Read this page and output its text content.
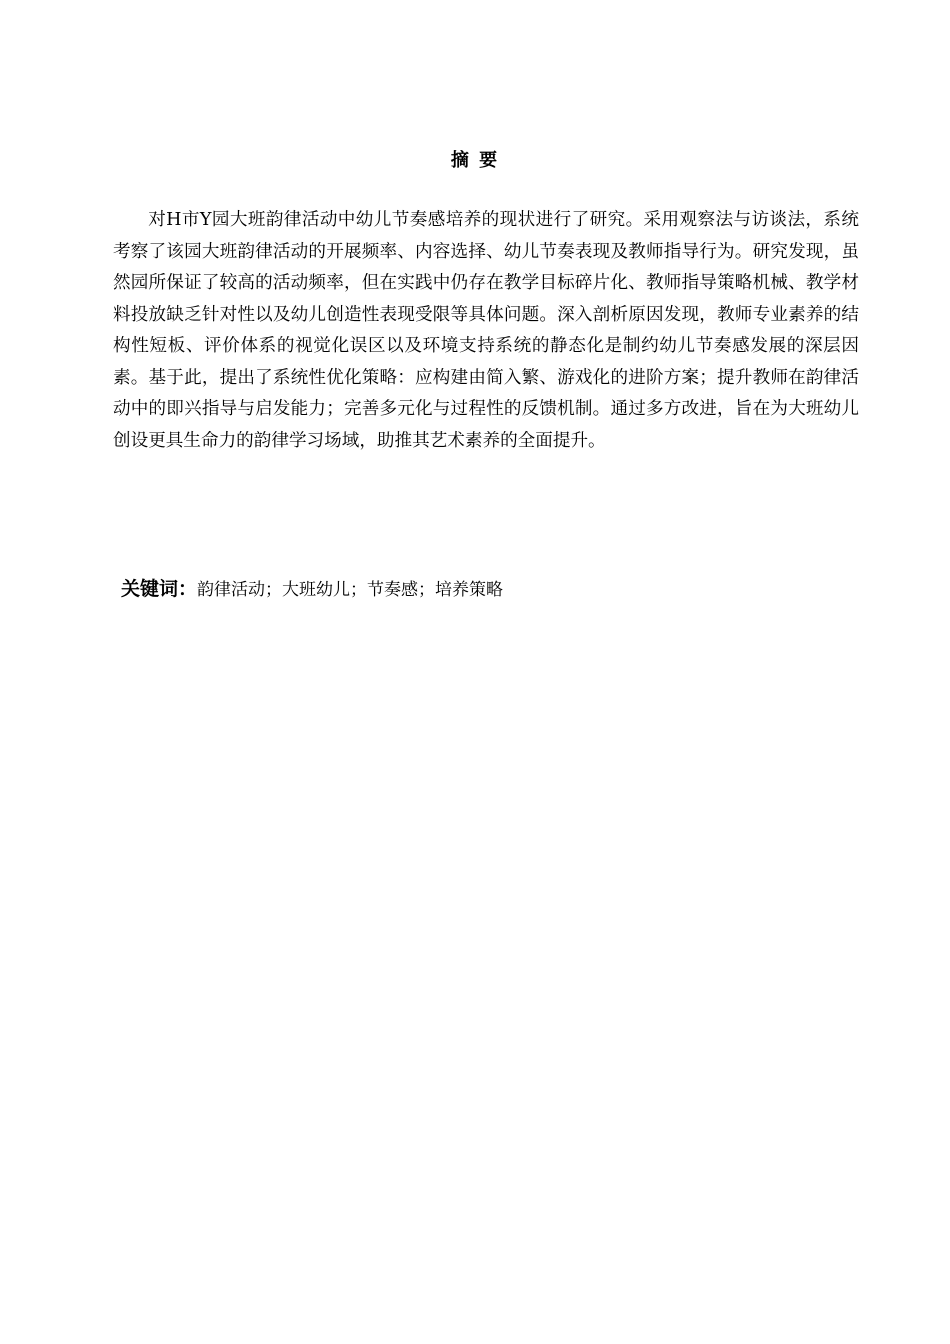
摘 要

对H市Y园大班韵律活动中幼儿节奏感培养的现状进行了研究。采用观察法与访谈法，系统考察了该园大班韵律活动的开展频率、内容选择、幼儿节奏表现及教师指导行为。研究发现，虽然园所保证了较高的活动频率，但在实践中仍存在教学目标碎片化、教师指导策略机械、教学材料投放缺乏针对性以及幼儿创造性表现受限等具体问题。深入剖析原因发现，教师专业素养的结构性短板、评价体系的视觉化误区以及环境支持系统的静态化是制约幼儿节奏感发展的深层因素。基于此，提出了系统性优化策略：应构建由简入繁、游戏化的进阶方案；提升教师在韵律活动中的即兴指导与启发能力；完善多元化与过程性的反馈机制。通过多方改进，旨在为大班幼儿创设更具生命力的韵律学习场域，助推其艺术素养的全面提升。

关键词：韵律活动；大班幼儿；节奏感；培养策略
